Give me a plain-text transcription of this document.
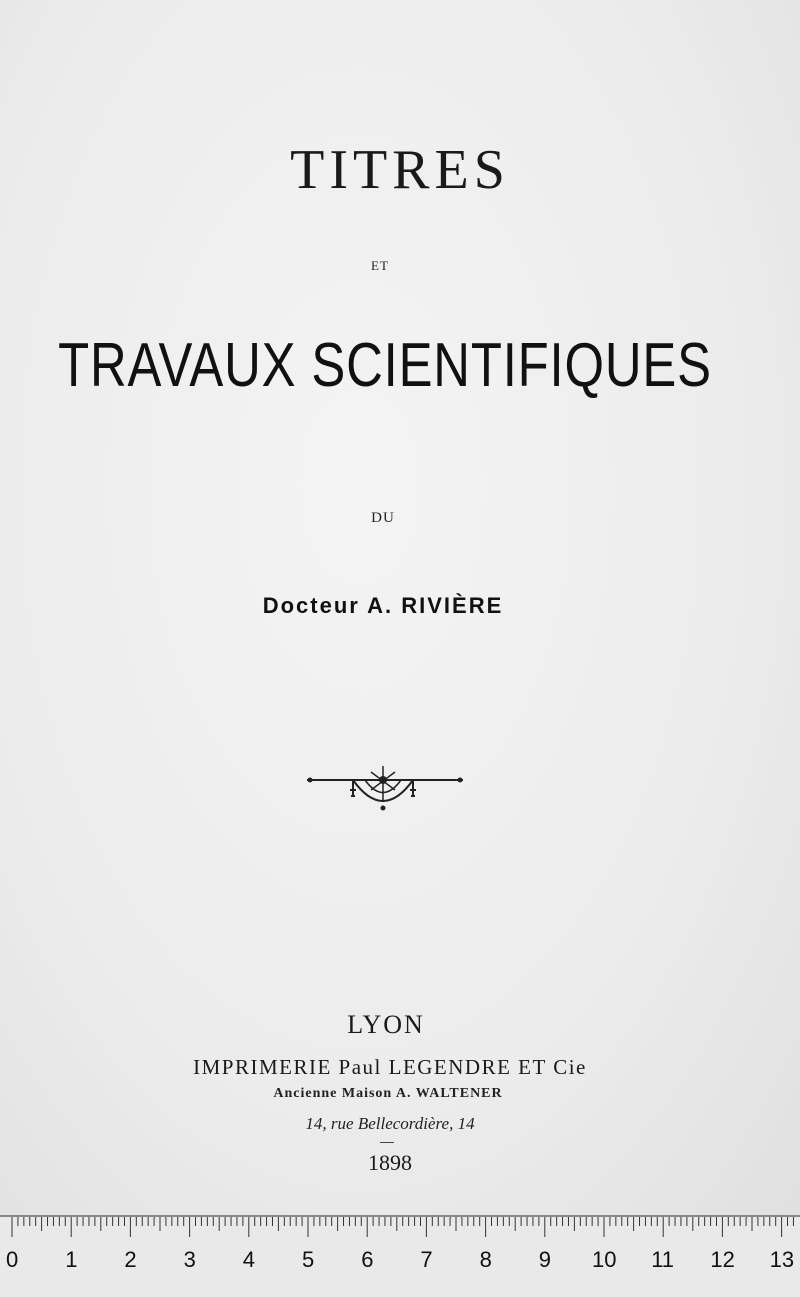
TITRES
ET
TRAVAUX SCIENTIFIQUES
DU
Docteur A. RIVIÈRE
LYON
IMPRIMERIE Paul LEGENDRE ET Cie
Ancienne Maison A. WALTENER
14, rue Bellecordière, 14
1898
0 1 2 3 4 5 6 7 8 9 10 11 12 13
